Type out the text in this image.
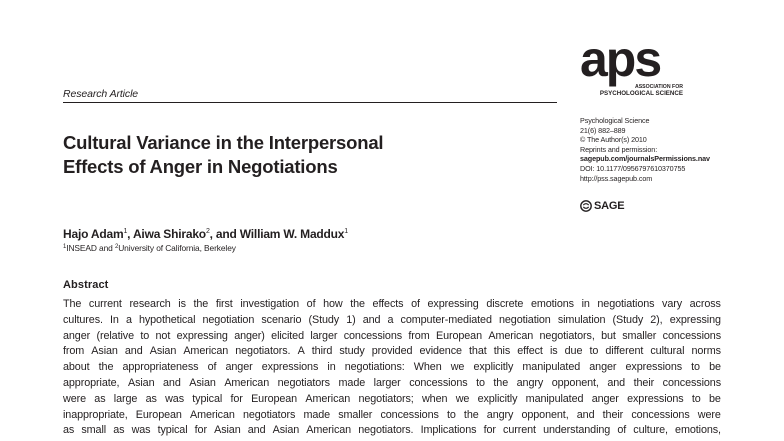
aps
ASSOCIATION FOR
PSYCHOLOGICAL SCIENCE
Research Article
Cultural Variance in the Interpersonal
Effects of Anger in Negotiations
Psychological Science
21(6) 882–889
© The Author(s) 2010
Reprints and permission:
sagepub.com/journalsPermissions.nav
DOI: 10.1177/0956797610370755
http://pss.sagepub.com
SAGE
Hajo Adam$^1$, Aiwa Shirako$^2$, and William W. Maddux$^1$
$^1$INSEAD and $^2$University of California, Berkeley
Abstract
The current research is the first investigation of how the effects of expressing discrete emotions in negotiations vary across
cultures. In a hypothetical negotiation scenario (Study 1) and a computer-mediated negotiation simulation (Study 2), expressing
anger (relative to not expressing anger) elicited larger concessions from European American negotiators, but smaller concessions
from Asian and Asian American negotiators. A third study provided evidence that this effect is due to different cultural norms
about the appropriateness of anger expressions in negotiations: When we explicitly manipulated anger expressions to be
appropriate, Asian and Asian American negotiators made larger concessions to the angry opponent, and their concessions
were as large as was typical for European American negotiators; when we explicitly manipulated anger expressions to be
inappropriate, European American negotiators made smaller concessions to the angry opponent, and their concessions were
as small as was typical for Asian and Asian American negotiators. Implications for current understanding of culture, emotions,
